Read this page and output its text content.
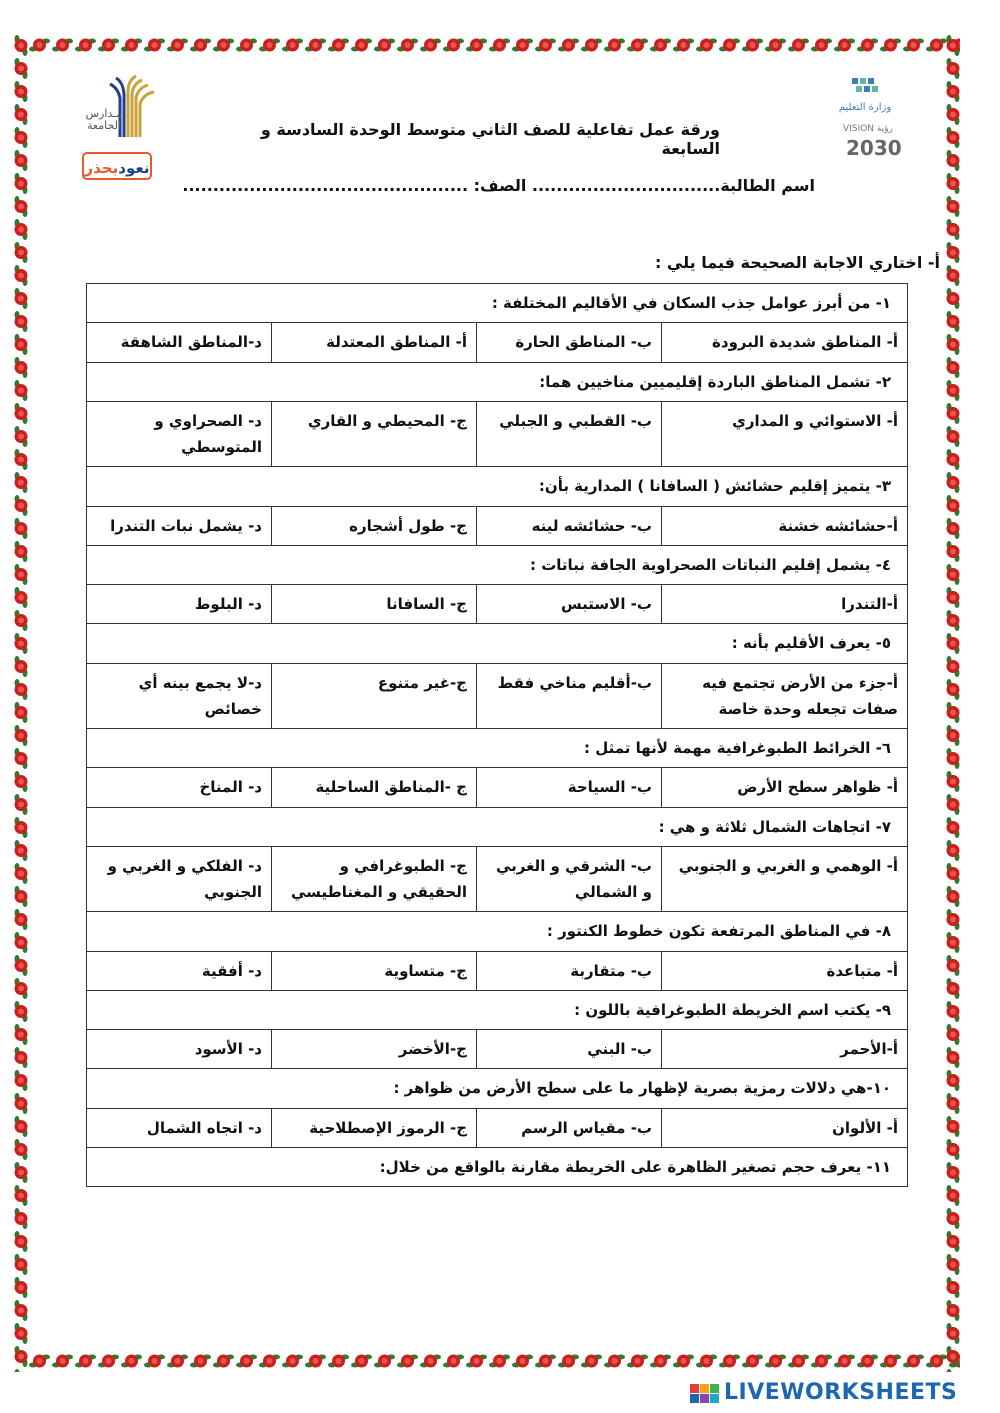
مـدارس الجامعة
نعودبحذر
وزارة التعليم
VISION رؤية
2030
ورقة عمل تفاعلية للصف الثاني متوسط الوحدة السادسة و السابعة
اسم الطالبة............................... الصف: ...............................................
أ- اختاري الاجابة الصحيحة فيما يلي :
١- من أبرز عوامل جذب السكان في الأقاليم المختلفة :			
أ- المناطق شديدة البرودة	ب- المناطق الحارة	أ- المناطق المعتدلة	د-المناطق الشاهقة
٢- تشمل المناطق الباردة إقليميين مناخيين هما:			
أ- الاستوائي و المداري	ب- القطبي و الجبلي	ج- المحيطي و القاري	د- الصحراوي و المتوسطي
٣- يتميز إقليم حشائش ( السافانا ) المدارية بأن:			
أ-حشائشه خشنة	ب- حشائشه لينه	ج- طول أشجاره	د- يشمل نبات التندرا
٤- يشمل إقليم النباتات الصحراوية الجافة نباتات :			
أ-التندرا	ب- الاستبس	ج- السافانا	د- البلوط
٥- يعرف الأقليم بأنه :			
أ-جزء من الأرض تجتمع فيه صفات تجعله وحدة خاصة	ب-أقليم مناخي فقط	ج-غير متنوع	د-لا يجمع بينه أي خصائص
٦- الخرائط الطبوغرافية مهمة لأنها تمثل :			
أ- ظواهر سطح الأرض	ب- السياحة	ج -المناطق الساحلية	د- المناخ
٧- اتجاهات الشمال ثلاثة و هي :			
أ- الوهمي و الغربي و الجنوبي	ب- الشرقي و الغربي و الشمالي	ج- الطبوغرافي و الحقيقي و المغناطيسي	د- الفلكي و الغربي و الجنوبي
٨- في المناطق المرتفعة تكون خطوط الكنتور :			
أ- متباعدة	ب- متقاربة	ج- متساوية	د- أفقية
٩- يكتب اسم الخريطة الطبوغرافية باللون :			
أ-الأحمر	ب- البني	ج-الأخضر	د- الأسود
١٠-هي دلالات رمزية بصرية لإظهار ما على سطح الأرض من ظواهر :			
أ- الألوان	ب- مقياس الرسم	ج- الرموز الإصطلاحية	د- اتجاه الشمال
١١- يعرف حجم تصغير الظاهرة على الخريطة مقارنة بالواقع من خلال:			
LIVEWORKSHEETS
